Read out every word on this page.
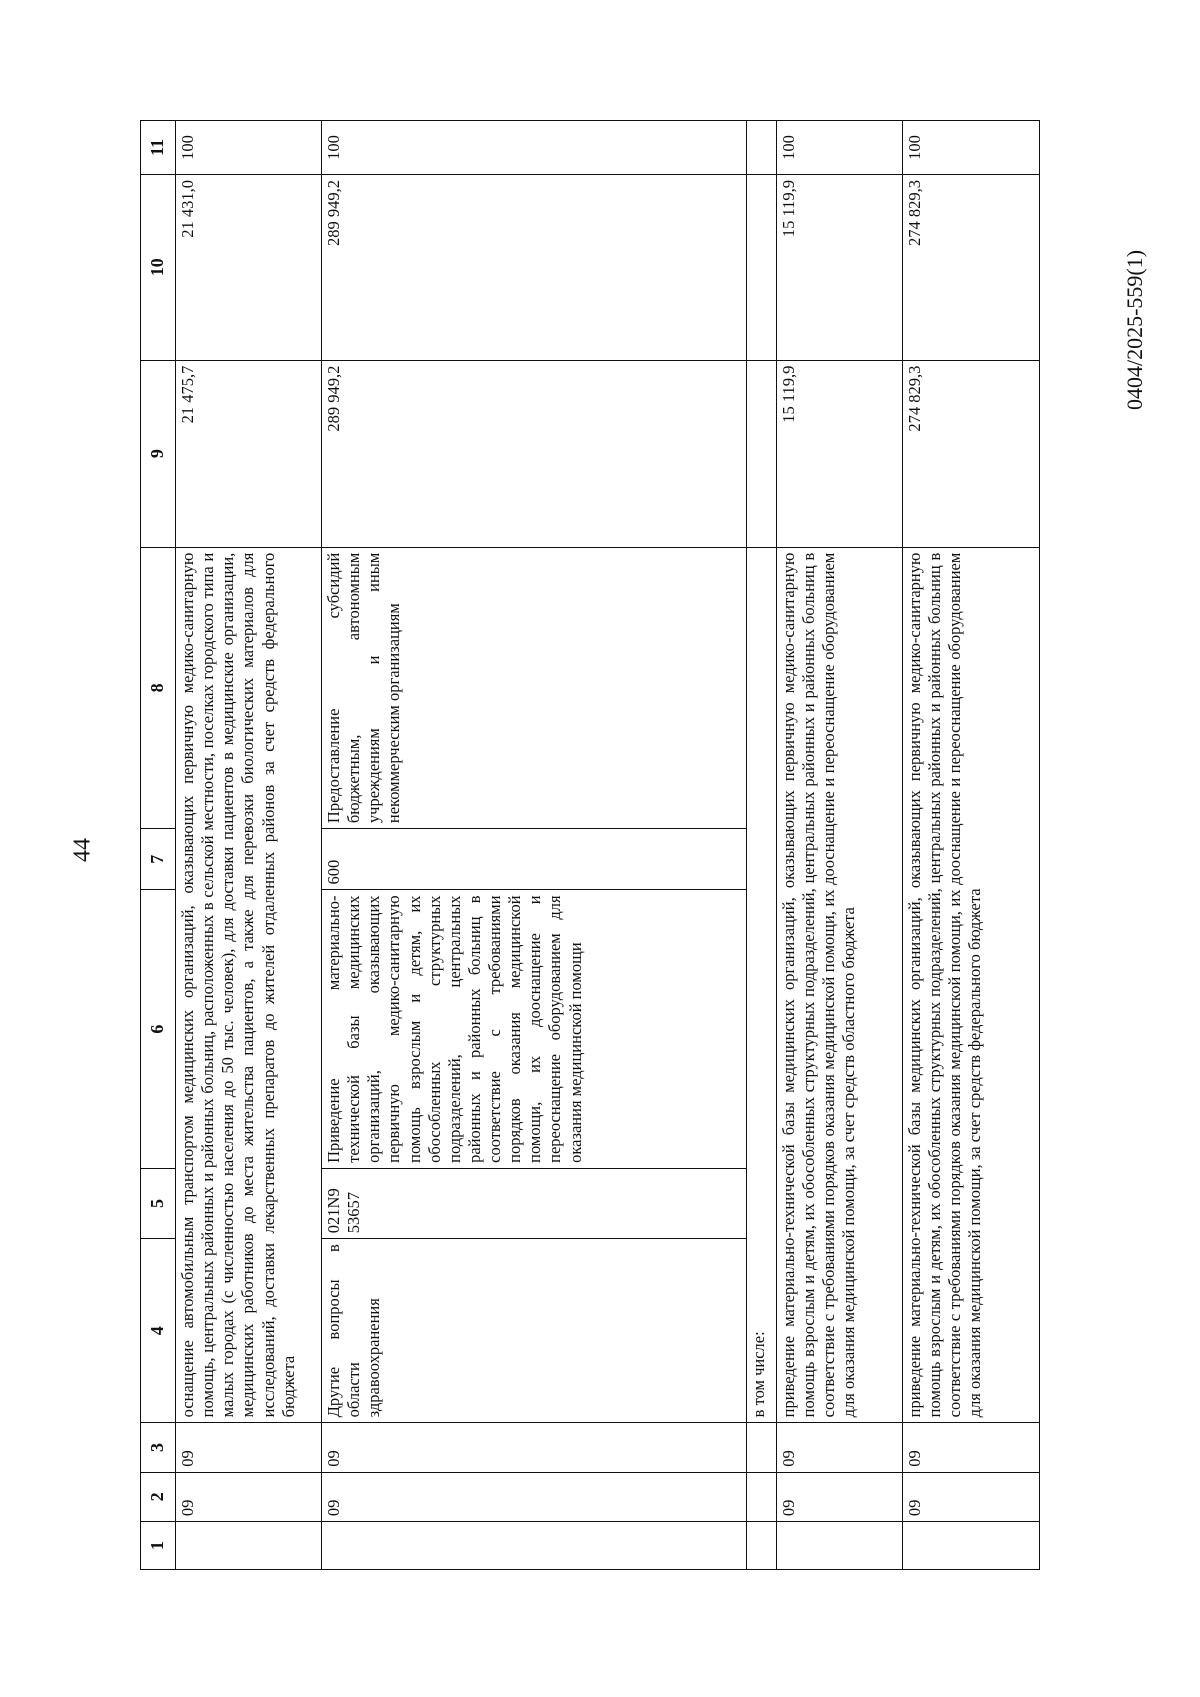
44
0404/2025-559(1)
1	2	3	4	5	6	7	8	9	10	11
	09	09	оснащение автомобильным транспортом медицинских организаций, оказывающих первичную медико-санитарную помощь, центральных районных и районных больниц, расположенных в сельской местности, поселках городского типа и малых городах (с численностью населения до 50 тыс. человек), для доставки пациентов в медицинские организации, медицинских работников до места жительства пациентов, а также для перевозки биологических материалов для исследований, доставки лекарственных препаратов до жителей отдаленных районов за счет средств федерального бюджета					21 475,7	21 431,0	100
	09	09	Другие вопросы в области здравоохранения	021N9 53657	Приведение материально-технической базы медицинских организаций, оказывающих первичную медико-санитарную помощь взрослым и детям, их обособленных структурных подразделений, центральных районных и районных больниц в соответствие с требованиями порядков оказания медицинской помощи, их дооснащение и переоснащение оборудованием для оказания медицинской помощи	600	Предоставление субсидий бюджетным, автономным учреждениям и иным некоммерческим организациям	289 949,2	289 949,2	100
			в том числе:							
	09	09	приведение материально-технической базы медицинских организаций, оказывающих первичную медико-санитарную помощь взрослым и детям, их обособленных структурных подразделений, центральных районных и районных больниц в соответствие с требованиями порядков оказания медицинской помощи, их дооснащение и переоснащение оборудованием для оказания медицинской помощи, за счет средств областного бюджета					15 119,9	15 119,9	100
	09	09	приведение материально-технической базы медицинских организаций, оказывающих первичную медико-санитарную помощь взрослым и детям, их обособленных структурных подразделений, центральных районных и районных больниц в соответствие с требованиями порядков оказания медицинской помощи, их дооснащение и переоснащение оборудованием для оказания медицинской помощи, за счет средств федерального бюджета					274 829,3	274 829,3	100
